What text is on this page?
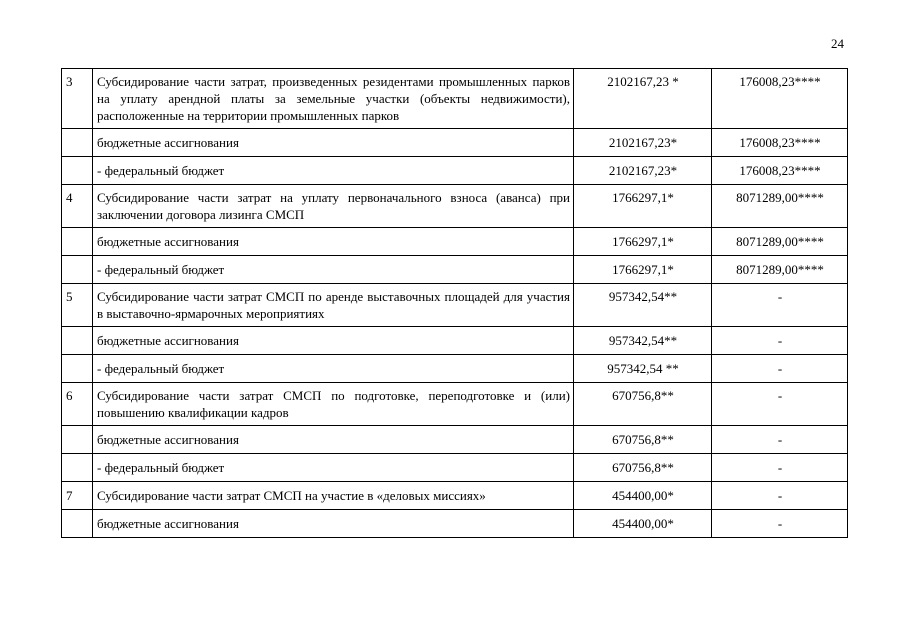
24
3	Субсидирование части затрат, произведенных резидентами промышленных парков на уплату арендной платы за земельные участки (объекты недвижимости), расположенные на территории промышленных парков	2102167,23 *	176008,23****
	бюджетные ассигнования	2102167,23*	176008,23****
	- федеральный бюджет	2102167,23*	176008,23****
4	Субсидирование части затрат на уплату первоначального взноса (аванса) при заключении договора лизинга СМСП	1766297,1*	8071289,00****
	бюджетные ассигнования	1766297,1*	8071289,00****
	- федеральный бюджет	1766297,1*	8071289,00****
5	Субсидирование части затрат СМСП по аренде выставочных площадей для участия в выставочно-ярмарочных мероприятиях	957342,54**	-
	бюджетные ассигнования	957342,54**	-
	- федеральный бюджет	957342,54 **	-
6	Субсидирование части затрат СМСП по подготовке, переподготовке и (или) повышению квалификации кадров	670756,8**	-
	бюджетные ассигнования	670756,8**	-
	- федеральный бюджет	670756,8**	-
7	Субсидирование части затрат СМСП на участие в «деловых миссиях»	454400,00*	-
	бюджетные ассигнования	454400,00*	-
